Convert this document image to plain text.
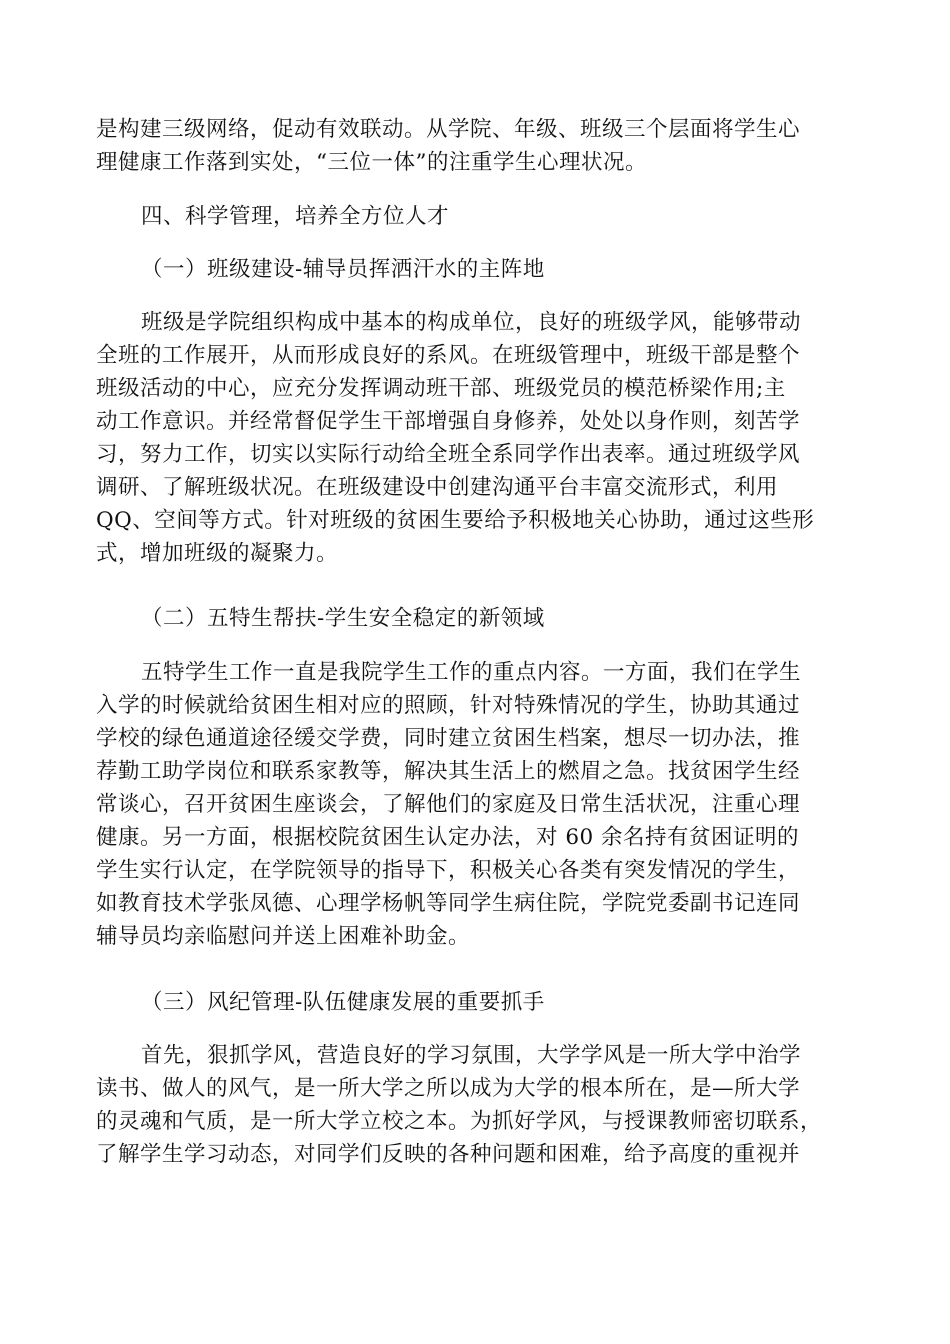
是构建三级网络，促动有效联动。从学院、年级、班级三个层面将学生心

理健康工作落到实处，“三位一体”的注重学生心理状况。

四、科学管理，培养全方位人才

（一）班级建设-辅导员挥洒汗水的主阵地

班级是学院组织构成中基本的构成单位，良好的班级学风，能够带动

全班的工作展开，从而形成良好的系风。在班级管理中，班级干部是整个

班级活动的中心，应充分发挥调动班干部、班级党员的模范桥梁作用;主

动工作意识。并经常督促学生干部增强自身修养，处处以身作则，刻苦学

习，努力工作，切实以实际行动给全班全系同学作出表率。通过班级学风

调研、了解班级状况。在班级建设中创建沟通平台丰富交流形式，利用

QQ、空间等方式。针对班级的贫困生要给予积极地关心协助，通过这些形

式，增加班级的凝聚力。

（二）五特生帮扶-学生安全稳定的新领域

五特学生工作一直是我院学生工作的重点内容。一方面，我们在学生

入学的时候就给贫困生相对应的照顾，针对特殊情况的学生，协助其通过

学校的绿色通道途径缓交学费，同时建立贫困生档案，想尽一切办法，推

荐勤工助学岗位和联系家教等，解决其生活上的燃眉之急。找贫困学生经

常谈心，召开贫困生座谈会，了解他们的家庭及日常生活状况，注重心理

健康。另一方面，根据校院贫困生认定办法，对 60 余名持有贫困证明的

学生实行认定，在学院领导的指导下，积极关心各类有突发情况的学生，

如教育技术学张凤德、心理学杨帆等同学生病住院，学院党委副书记连同

辅导员均亲临慰问并送上困难补助金。

（三）风纪管理-队伍健康发展的重要抓手

首先，狠抓学风，营造良好的学习氛围，大学学风是一所大学中治学

读书、做人的风气，是一所大学之所以成为大学的根本所在，是—所大学

的灵魂和气质，是一所大学立校之本。为抓好学风，与授课教师密切联系，

了解学生学习动态，对同学们反映的各种问题和困难，给予高度的重视并
